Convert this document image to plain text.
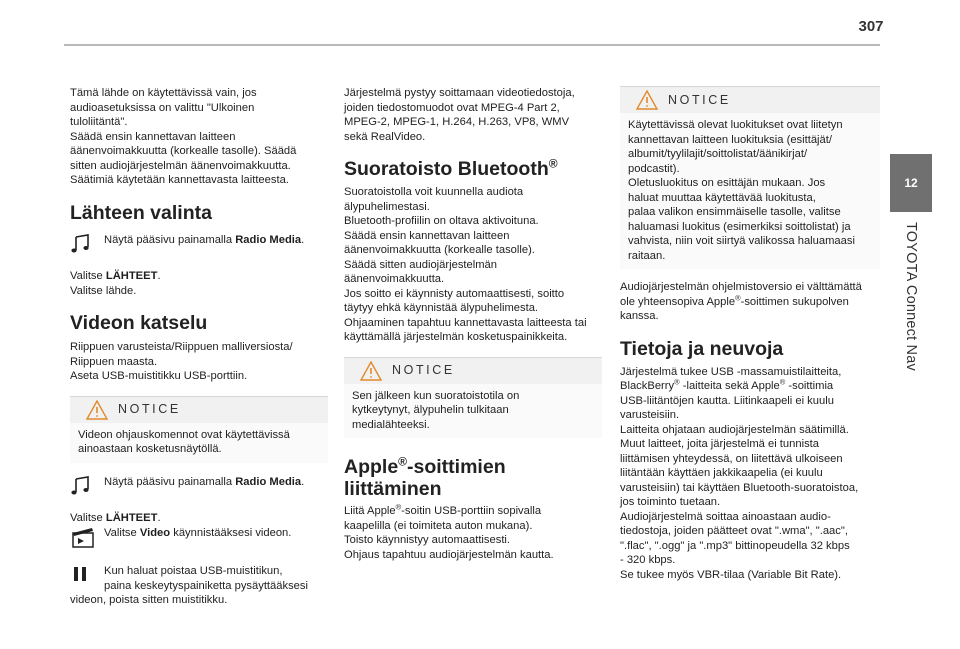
307
12
TOYOTA Connect Nav

Tämä lähde on käytettävissä vain, jos

audioasetuksissa on valittu "Ulkoinen

tuloliitäntä".

Säädä ensin kannettavan laitteen

äänenvoimakkuutta (korkealle tasolle). Säädä

sitten audiojärjestelmän äänenvoimakkuutta.

Säätimiä käytetään kannettavasta laitteesta.

Lähteen valinta

Näytä pääsivu painamalla Radio Media.

Valitse LÄHTEET.

Valitse lähde.

Videon katselu

Riippuen varusteista/Riippuen malliversiosta/

Riippuen maasta.

Aseta USB-muistitikku USB-porttiin.

NOTICE

Videon ohjauskomennot ovat käytettävissä

ainoastaan kosketusnäytöllä.

Näytä pääsivu painamalla Radio Media.

Valitse LÄHTEET.

Valitse Video käynnistääksesi videon.

Kun haluat poistaa USB-muistitikun,

paina keskeytyspainiketta pysäyttääksesi

videon, poista sitten muistitikku.

Järjestelmä pystyy soittamaan videotiedostoja,

joiden tiedostomuodot ovat MPEG-4 Part 2,

MPEG-2, MPEG-1, H.264, H.263, VP8, WMV

sekä RealVideo.

Suoratoisto Bluetooth®

Suoratoistolla voit kuunnella audiota

älypuhelimestasi.

Bluetooth-profiilin on oltava aktivoituna.

Säädä ensin kannettavan laitteen

äänenvoimakkuutta (korkealle tasolle).

Säädä sitten audiojärjestelmän

äänenvoimakkuutta.

Jos soitto ei käynnisty automaattisesti, soitto

täytyy ehkä käynnistää älypuhelimesta.

Ohjaaminen tapahtuu kannettavasta laitteesta tai

käyttämällä järjestelmän kosketuspainikkeita.

NOTICE

Sen jälkeen kun suoratoistotila on

kytkeytynyt, älypuhelin tulkitaan

medialähteeksi.

Apple®-soittimien liittäminen

Liitä Apple®-soitin USB-porttiin sopivalla

kaapelilla (ei toimiteta auton mukana).

Toisto käynnistyy automaattisesti.

Ohjaus tapahtuu audiojärjestelmän kautta.

NOTICE

Käytettävissä olevat luokitukset ovat liitetyn

kannettavan laitteen luokituksia (esittäjät/

albumit/tyylilajit/soittolistat/äänikirjat/

podcastit).

Oletusluokitus on esittäjän mukaan. Jos

haluat muuttaa käytettävää luokitusta,

palaa valikon ensimmäiselle tasolle, valitse

haluamasi luokitus (esimerkiksi soittolistat) ja

vahvista, niin voit siirtyä valikossa haluamaasi

raitaan.

Audiojärjestelmän ohjelmistoversio ei välttämättä

ole yhteensopiva Apple®-soittimen sukupolven

kanssa.

Tietoja ja neuvoja

Järjestelmä tukee USB -massamuistilaitteita,

BlackBerry® -laitteita sekä Apple® -soittimia

USB-liitäntöjen kautta. Liitinkaapeli ei kuulu

varusteisiin.

Laitteita ohjataan audiojärjestelmän säätimillä.

Muut laitteet, joita järjestelmä ei tunnista

liittämisen yhteydessä, on liitettävä ulkoiseen

liitäntään käyttäen jakkikaapelia (ei kuulu

varusteisiin) tai käyttäen Bluetooth-suoratoistoa,

jos toiminto tuetaan.

Audiojärjestelmä soittaa ainoastaan audio-

tiedostoja, joiden päätteet ovat ".wma", ".aac",

".flac", ".ogg" ja ".mp3" bittinopeudella 32 kbps

- 320 kbps.

Se tukee myös VBR-tilaa (Variable Bit Rate).
